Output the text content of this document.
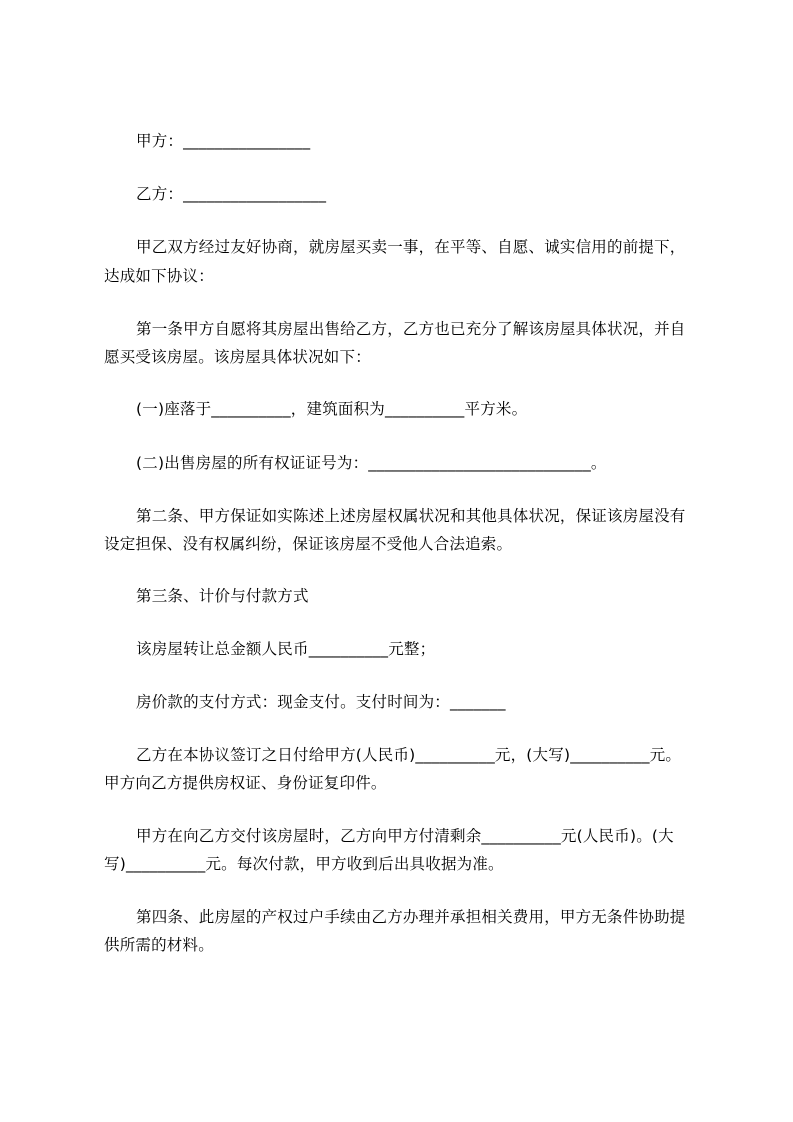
甲方：________________
乙方：__________________
甲乙双方经过友好协商，就房屋买卖一事，在平等、自愿、诚实信用的前提下，
达成如下协议：
第一条甲方自愿将其房屋出售给乙方，乙方也已充分了解该房屋具体状况，并自
愿买受该房屋。该房屋具体状况如下：
(一)座落于__________，建筑面积为__________平方米。
(二)出售房屋的所有权证证号为：____________________________。
第二条、甲方保证如实陈述上述房屋权属状况和其他具体状况，保证该房屋没有
设定担保、没有权属纠纷，保证该房屋不受他人合法追索。
第三条、计价与付款方式
该房屋转让总金额人民币__________元整；
房价款的支付方式：现金支付。支付时间为：_______
乙方在本协议签订之日付给甲方(人民币)__________元，(大写)__________元。
甲方向乙方提供房权证、身份证复印件。
甲方在向乙方交付该房屋时，乙方向甲方付清剩余__________元(人民币)。(大
写)__________元。每次付款，甲方收到后出具收据为准。
第四条、此房屋的产权过户手续由乙方办理并承担相关费用，甲方无条件协助提
供所需的材料。
